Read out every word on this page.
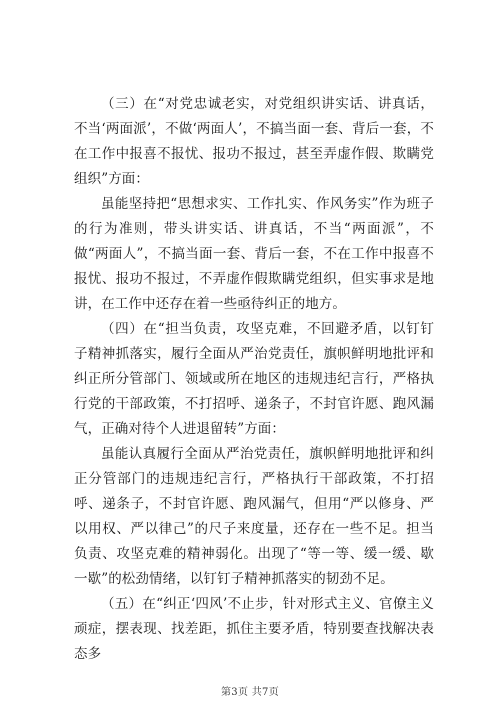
（三）在“对党忠诚老实，对党组织讲实话、讲真话，不当‘两面派’，不做‘两面人’，不搞当面一套、背后一套，不在工作中报喜不报忧、报功不报过，甚至弄虚作假、欺瞒党组织”方面：

虽能坚持把“思想求实、工作扎实、作风务实”作为班子的行为准则，带头讲实话、讲真话，不当“两面派”，不做“两面人”，不搞当面一套、背后一套，不在工作中报喜不报忧、报功不报过，不弄虚作假欺瞒党组织，但实事求是地讲，在工作中还存在着一些亟待纠正的地方。

（四）在“担当负责，攻坚克难，不回避矛盾，以钉钉子精神抓落实，履行全面从严治党责任，旗帜鲜明地批评和纠正所分管部门、领域或所在地区的违规违纪言行，严格执行党的干部政策，不打招呼、递条子，不封官许愿、跑风漏气，正确对待个人进退留转”方面：

虽能认真履行全面从严治党责任，旗帜鲜明地批评和纠正分管部门的违规违纪言行，严格执行干部政策，不打招呼、递条子，不封官许愿、跑风漏气，但用“严以修身、严以用权、严以律己”的尺子来度量，还存在一些不足。担当负责、攻坚克难的精神弱化。出现了“等一等、缓一缓、歇一歇”的松劲情绪，以钉钉子精神抓落实的韧劲不足。

（五）在“纠正‘四风’不止步，针对形式主义、官僚主义顽症，摆表现、找差距，抓住主要矛盾，特别要查找解决表态多

第3页 共7页
